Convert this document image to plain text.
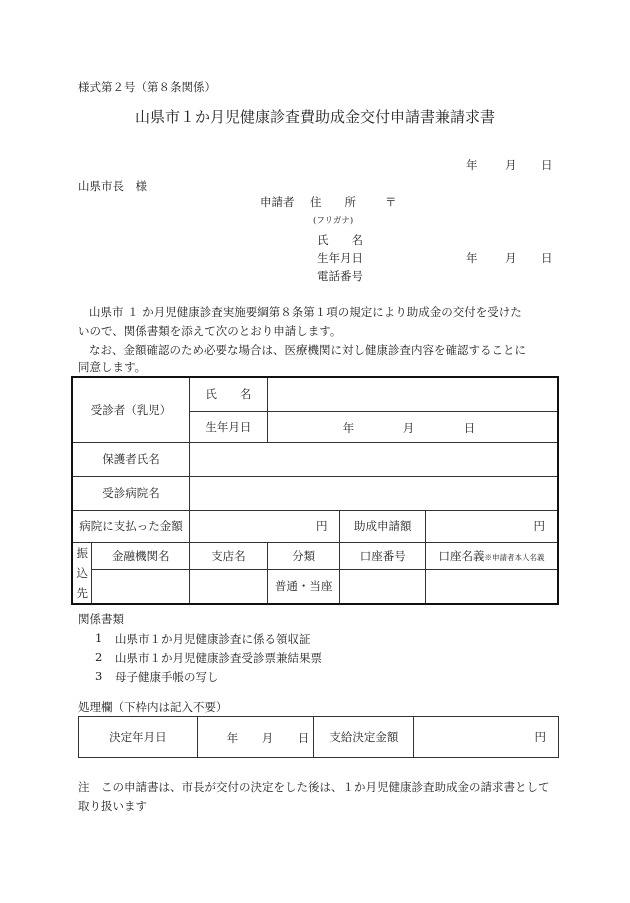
様式第２号（第８条関係）
山県市１か月児健康診査費助成金交付申請書兼請求書
年 月 日
山県市長　様
申請者 住　　所	〒
(フリガナ)
氏　　名
生年月日	年 月 日
電話番号
山県市 １ か月児健康診査実施要綱第８条第１項の規定により助成金の交付を受けた
いので、関係書類を添えて次のとおり申請します。
なお、金額確認のため必要な場合は、医療機関に対し健康診査内容を確認することに
同意します。
受診者（乳児）		氏　　名			
		生年月日	年 月 日		

保護者氏名					
受診病院名					
病院に支払った金額		円		助成申請額	円

振
込
先	金融機関名	支店名	分類	口座番号	口座名義※申請者本人名義
			普通・当座		
関係書類
1 山県市１か月児健康診査に係る領収証
2 山県市１か月児健康診査受診票兼結果票
3 母子健康手帳の写し
処理欄（下枠内は記入不要）
決定年月日	年 月 日	支給決定金額	円
注　この申請書は、市長が交付の決定をした後は、１か月児健康診査助成金の請求書として
取り扱います
